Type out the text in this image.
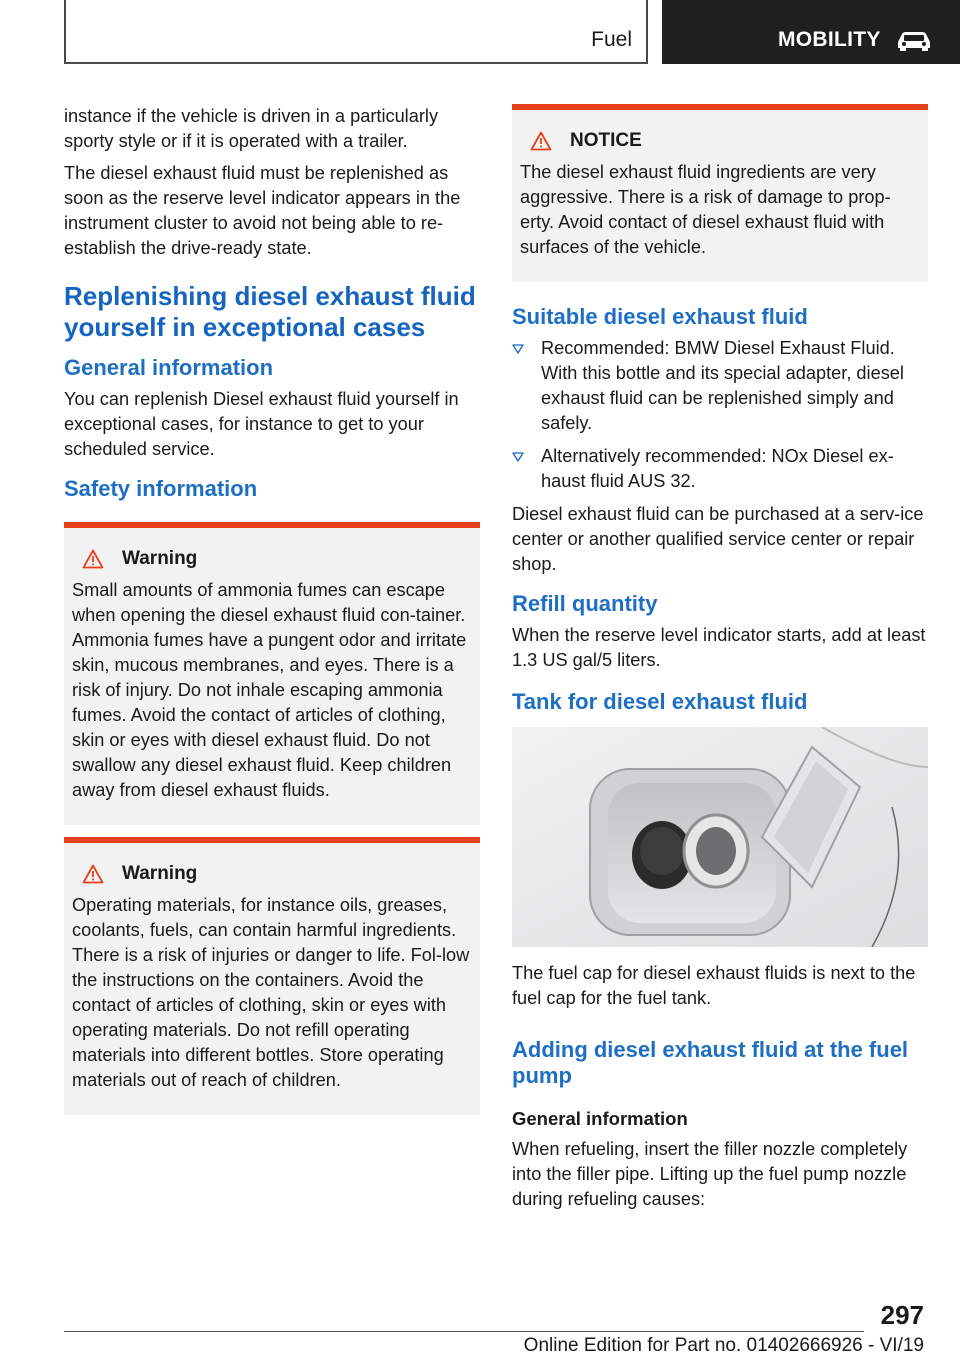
Fuel	MOBILITY

instance if the vehicle is driven in a particularly sporty style or if it is operated with a trailer.

The diesel exhaust fluid must be replenished as soon as the reserve level indicator appears in the instrument cluster to avoid not being able to re-establish the drive-ready state.

Replenishing diesel exhaust fluid yourself in exceptional cases
General information

You can replenish Diesel exhaust fluid yourself in exceptional cases, for instance to get to your scheduled service.

Safety information
Warning

Small amounts of ammonia fumes can escape when opening the diesel exhaust fluid con-tainer. Ammonia fumes have a pungent odor and irritate skin, mucous membranes, and eyes. There is a risk of injury. Do not inhale escaping ammonia fumes. Avoid the contact of articles of clothing, skin or eyes with diesel exhaust fluid. Do not swallow any diesel exhaust fluid. Keep children away from diesel exhaust fluids.

Warning

Operating materials, for instance oils, greases, coolants, fuels, can contain harmful ingredients. There is a risk of injuries or danger to life. Fol-low the instructions on the containers. Avoid the contact of articles of clothing, skin or eyes with operating materials. Do not refill operating materials into different bottles. Store operating materials out of reach of children.

NOTICE

The diesel exhaust fluid ingredients are very aggressive. There is a risk of damage to prop-erty. Avoid contact of diesel exhaust fluid with surfaces of the vehicle.

Suitable diesel exhaust fluid
Recommended: BMW Diesel Exhaust Fluid. With this bottle and its special adapter, diesel exhaust fluid can be replenished simply and safely.
Alternatively recommended: NOx Diesel ex-haust fluid AUS 32.

Diesel exhaust fluid can be purchased at a serv-ice center or another qualified service center or repair shop.

Refill quantity

When the reserve level indicator starts, add at least 1.3 US gal/5 liters.

Tank for diesel exhaust fluid

The fuel cap for diesel exhaust fluids is next to the fuel cap for the fuel tank.

Adding diesel exhaust fluid at the fuel pump
General information

When refueling, insert the filler nozzle completely into the filler pipe. Lifting up the fuel pump nozzle during refueling causes:

297
Online Edition for Part no. 01402666926 - VI/19
